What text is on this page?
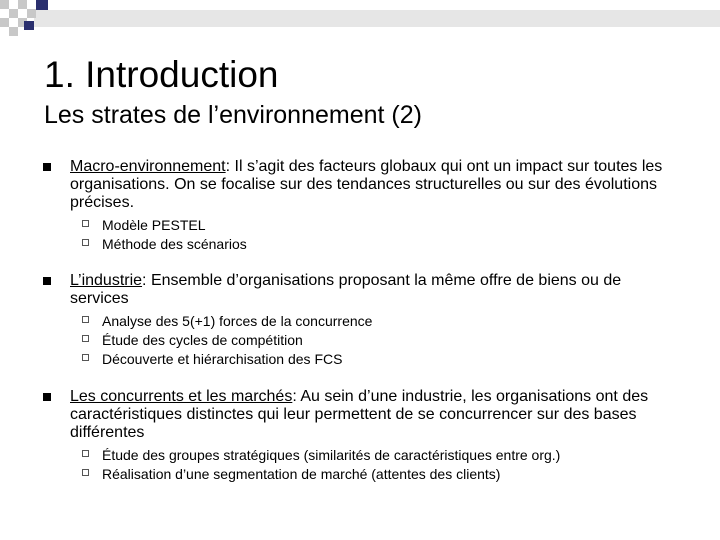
1. Introduction
Les strates de l’environnement (2)
Macro-environnement: Il s’agit des facteurs globaux qui ont un impact sur toutes les organisations. On se focalise sur des tendances structurelles ou sur des évolutions précises.
Modèle PESTEL
Méthode des scénarios
L’industrie: Ensemble d’organisations proposant la même offre de biens ou de services
Analyse des 5(+1) forces de la concurrence
Étude des cycles de compétition
Découverte et hiérarchisation des FCS
Les concurrents et les marchés: Au sein d’une industrie, les organisations ont des caractéristiques distinctes qui leur permettent de se concurrencer sur des bases différentes
Étude des groupes stratégiques (similarités de caractéristiques entre org.)
Réalisation d’une segmentation de marché (attentes des clients)
